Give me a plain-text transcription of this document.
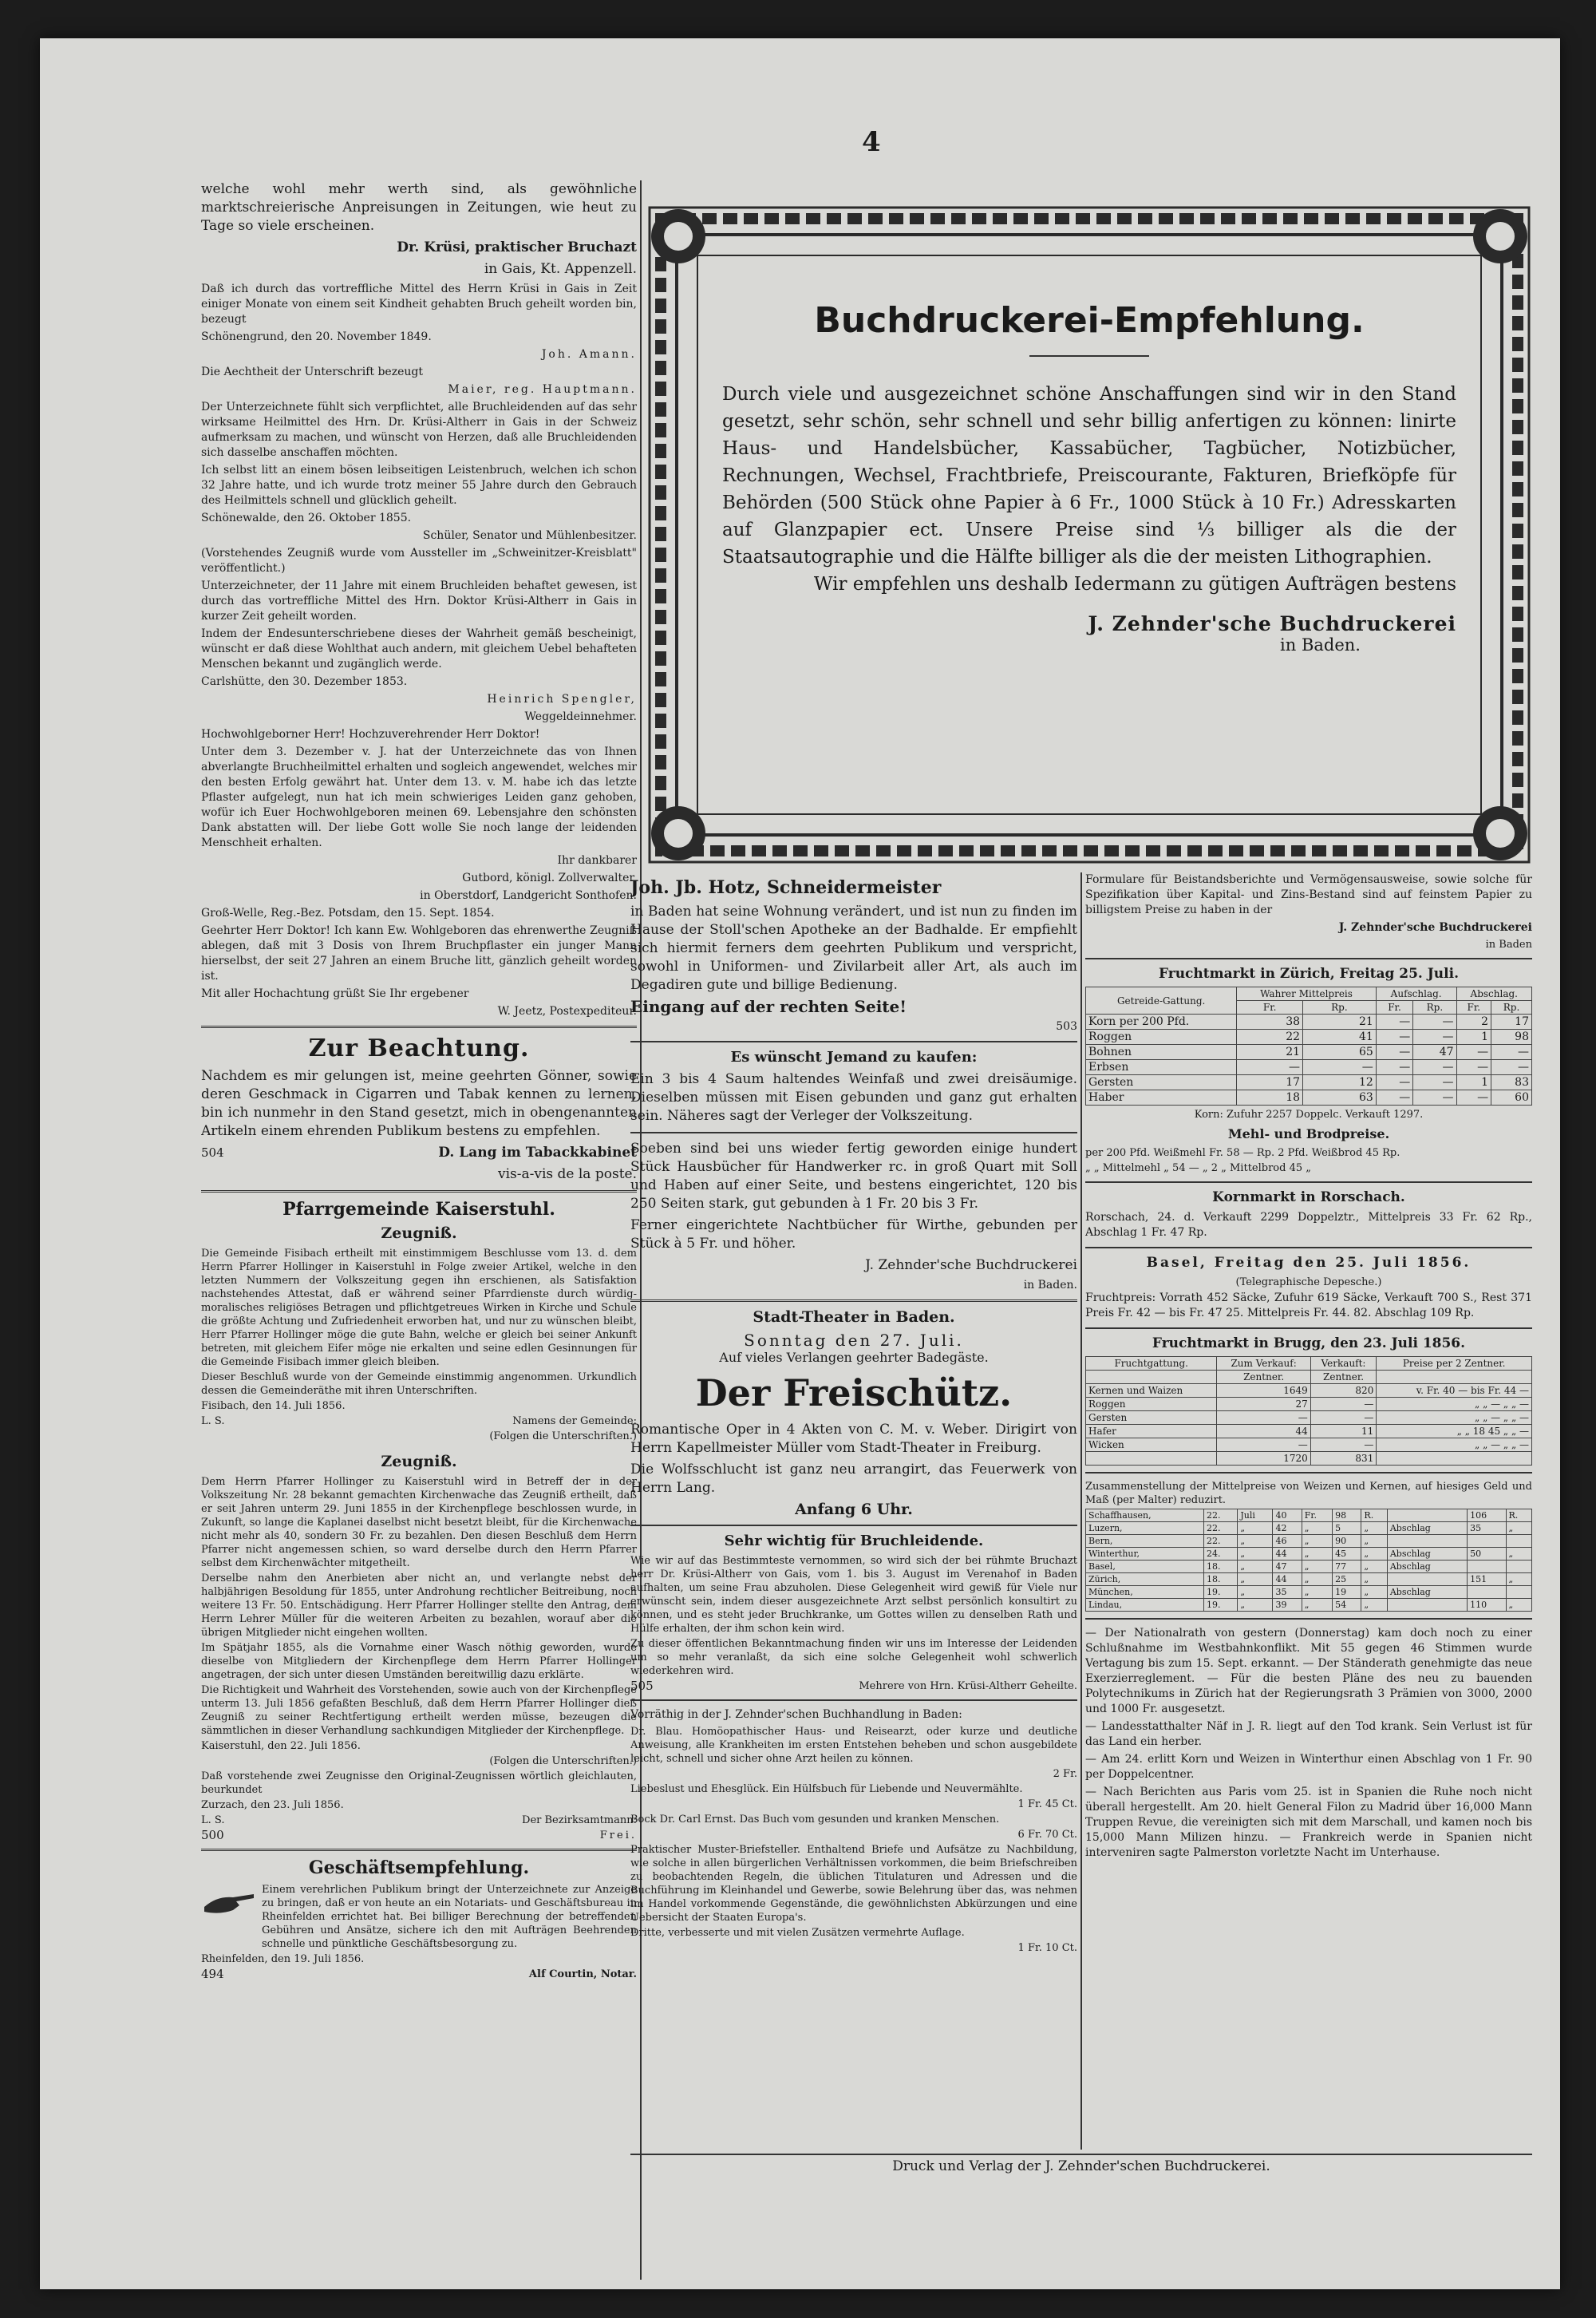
4

welche wohl mehr werth sind, als gewöhnliche marktschreierische Anpreisungen in Zeitungen, wie heut zu Tage so viele erscheinen.

Dr. Krüsi, praktischer Bruchazt
in Gais, Kt. Appenzell.

Daß ich durch das vortreffliche Mittel des Herrn Krüsi in Gais in Zeit einiger Monate von einem seit Kindheit gehabten Bruch geheilt worden bin, bezeugt

Schönengrund, den 20. November 1849.
Joh. Amann.
Die Aechtheit der Unterschrift bezeugt
Maier, reg. Hauptmann.

Der Unterzeichnete fühlt sich verpflichtet, alle Bruchleidenden auf das sehr wirksame Heilmittel des Hrn. Dr. Krüsi-Altherr in Gais in der Schweiz aufmerksam zu machen, und wünscht von Herzen, daß alle Bruchleidenden sich dasselbe anschaffen möchten.

Ich selbst litt an einem bösen leibseitigen Leistenbruch, welchen ich schon 32 Jahre hatte, und ich wurde trotz meiner 55 Jahre durch den Gebrauch des Heilmittels schnell und glücklich geheilt.

Schönewalde, den 26. Oktober 1855.
Schüler, Senator und Mühlenbesitzer.

(Vorstehendes Zeugniß wurde vom Aussteller im „Schweinitzer-Kreisblatt" veröffentlicht.)

Unterzeichneter, der 11 Jahre mit einem Bruchleiden behaftet gewesen, ist durch das vortreffliche Mittel des Hrn. Doktor Krüsi-Altherr in Gais in kurzer Zeit geheilt worden.

Indem der Endesunterschriebene dieses der Wahrheit gemäß bescheinigt, wünscht er daß diese Wohlthat auch andern, mit gleichem Uebel behafteten Menschen bekannt und zugänglich werde.

Carlshütte, den 30. Dezember 1853.
Heinrich Spengler,
Weggeldeinnehmer.
Hochwohlgeborner Herr! Hochzuverehrender Herr Doktor!

Unter dem 3. Dezember v. J. hat der Unterzeichnete das von Ihnen abverlangte Bruchheilmittel erhalten und sogleich angewendet, welches mir den besten Erfolg gewährt hat. Unter dem 13. v. M. habe ich das letzte Pflaster aufgelegt, nun hat ich mein schwieriges Leiden ganz gehoben, wofür ich Euer Hochwohlgeboren meinen 69. Lebensjahre den schönsten Dank abstatten will. Der liebe Gott wolle Sie noch lange der leidenden Menschheit erhalten.

Ihr dankbarer
Gutbord, königl. Zollverwalter,
in Oberstdorf, Landgericht Sonthofen.
Groß-Welle, Reg.-Bez. Potsdam, den 15. Sept. 1854.

Geehrter Herr Doktor! Ich kann Ew. Wohlgeboren das ehrenwerthe Zeugniß ablegen, daß mit 3 Dosis von Ihrem Bruchpflaster ein junger Mann hierselbst, der seit 27 Jahren an einem Bruche litt, gänzlich geheilt worden ist.

Mit aller Hochachtung grüßt Sie Ihr ergebener
W. Jeetz, Postexpediteur.
Zur Beachtung.

Nachdem es mir gelungen ist, meine geehrten Gönner, sowie deren Geschmack in Cigarren und Tabak kennen zu lernen, bin ich nunmehr in den Stand gesetzt, mich in obengenannten Artikeln einem ehrenden Publikum bestens zu empfehlen.

504	D. Lang im Tabackkabinet
vis-a-vis de la poste.
Pfarrgemeinde Kaiserstuhl.
Zeugniß.

Die Gemeinde Fisibach ertheilt mit einstimmigem Beschlusse vom 13. d. dem Herrn Pfarrer Hollinger in Kaiserstuhl in Folge zweier Artikel, welche in den letzten Nummern der Volkszeitung gegen ihn erschienen, als Satisfaktion nachstehendes Attestat, daß er während seiner Pfarrdienste durch würdig-moralisches religiöses Betragen und pflichtgetreues Wirken in Kirche und Schule die größte Achtung und Zufriedenheit erworben hat, und nur zu wünschen bleibt, Herr Pfarrer Hollinger möge die gute Bahn, welche er gleich bei seiner Ankunft betreten, mit gleichem Eifer möge nie erkalten und seine edlen Gesinnungen für die Gemeinde Fisibach immer gleich bleiben.

Dieser Beschluß wurde von der Gemeinde einstimmig angenommen. Urkundlich dessen die Gemeinderäthe mit ihren Unterschriften.

Fisibach, den 14. Juli 1856.
L. S.	Namens der Gemeinde:
(Folgen die Unterschriften.)
Zeugniß.

Dem Herrn Pfarrer Hollinger zu Kaiserstuhl wird in Betreff der in der Volkszeitung Nr. 28 bekannt gemachten Kirchenwache das Zeugniß ertheilt, daß er seit Jahren unterm 29. Juni 1855 in der Kirchenpflege beschlossen wurde, in Zukunft, so lange die Kaplanei daselbst nicht besetzt bleibt, für die Kirchenwache nicht mehr als 40, sondern 30 Fr. zu bezahlen. Den diesen Beschluß dem Herrn Pfarrer nicht angemessen schien, so ward derselbe durch den Herrn Pfarrer selbst dem Kirchenwächter mitgetheilt.

Derselbe nahm den Anerbieten aber nicht an, und verlangte nebst der halbjährigen Besoldung für 1855, unter Androhung rechtlicher Beitreibung, noch weitere 13 Fr. 50. Entschädigung. Herr Pfarrer Hollinger stellte den Antrag, dem Herrn Lehrer Müller für die weiteren Arbeiten zu bezahlen, worauf aber die übrigen Mitglieder nicht eingehen wollten.

Im Spätjahr 1855, als die Vornahme einer Wasch nöthig geworden, wurde dieselbe von Mitgliedern der Kirchenpflege dem Herrn Pfarrer Hollinger angetragen, der sich unter diesen Umständen bereitwillig dazu erklärte.

Die Richtigkeit und Wahrheit des Vorstehenden, sowie auch von der Kirchenpflege unterm 13. Juli 1856 gefaßten Beschluß, daß dem Herrn Pfarrer Hollinger dieß Zeugniß zu seiner Rechtfertigung ertheilt werden müsse, bezeugen die sämmtlichen in dieser Verhandlung sachkundigen Mitglieder der Kirchenpflege.

Kaiserstuhl, den 22. Juli 1856.
(Folgen die Unterschriften.)

Daß vorstehende zwei Zeugnisse den Original-Zeugnissen wörtlich gleichlauten, beurkundet

Zurzach, den 23. Juli 1856.
L. S.	Der Bezirksamtmann:
500	Frei.
Geschäftsempfehlung.

Einem verehrlichen Publikum bringt der Unterzeichnete zur Anzeige zu bringen, daß er von heute an ein Notariats- und Geschäftsbureau in Rheinfelden errichtet hat. Bei billiger Berechnung der betreffenden Gebühren und Ansätze, sichere ich den mit Aufträgen Beehrenden schnelle und pünktliche Geschäftsbesorgung zu.

Rheinfelden, den 19. Juli 1856.
494	Alf Courtin, Notar.
Buchdruckerei-Empfehlung.
Durch viele und ausgezeichnet schöne Anschaffungen sind wir in den Stand gesetzt, sehr schön, sehr schnell und sehr billig anfertigen zu können: linirte Haus- und Handelsbücher, Kassabücher, Tagbücher, Notizbücher, Rechnungen, Wechsel, Frachtbriefe, Preiscourante, Fakturen, Briefköpfe für Behörden (500 Stück ohne Papier à 6 Fr., 1000 Stück à 10 Fr.) Adresskarten auf Glanzpapier ect. Unsere Preise sind ⅓ billiger als die der Staatsautographie und die Hälfte billiger als die der meisten Lithographien.
Wir empfehlen uns deshalb Iedermann zu gütigen Aufträgen bestens
J. Zehnder'sche Buchdruckerei
in Baden.
Joh. Jb. Hotz, Schneidermeister

in Baden hat seine Wohnung verändert, und ist nun zu finden im Hause der Stoll'schen Apotheke an der Badhalde. Er empfiehlt sich hiermit ferners dem geehrten Publikum und verspricht, sowohl in Uniformen- und Zivilarbeit aller Art, als auch im Degadiren gute und billige Bedienung.

Eingang auf der rechten Seite!
503
Es wünscht Jemand zu kaufen:

Ein 3 bis 4 Saum haltendes Weinfaß und zwei dreisäumige. Dieselben müssen mit Eisen gebunden und ganz gut erhalten sein. Näheres sagt der Verleger der Volkszeitung.

Soeben sind bei uns wieder fertig geworden einige hundert Stück Hausbücher für Handwerker rc. in groß Quart mit Soll und Haben auf einer Seite, und bestens eingerichtet, 120 bis 250 Seiten stark, gut gebunden à 1 Fr. 20 bis 3 Fr.

Ferner eingerichtete Nachtbücher für Wirthe, gebunden per Stück à 5 Fr. und höher.

J. Zehnder'sche Buchdruckerei
in Baden.
Stadt-Theater in Baden.
Sonntag den 27. Juli.
Auf vieles Verlangen geehrter Badegäste.
Der Freischütz.

Romantische Oper in 4 Akten von C. M. v. Weber. Dirigirt von Herrn Kapellmeister Müller vom Stadt-Theater in Freiburg.

Die Wolfsschlucht ist ganz neu arrangirt, das Feuerwerk von Herrn Lang.

Anfang 6 Uhr.
Sehr wichtig für Bruchleidende.

Wie wir auf das Bestimmteste vernommen, so wird sich der bei rühmte Bruchazt herr Dr. Krüsi-Altherr von Gais, vom 1. bis 3. August im Verenahof in Baden aufhalten, um seine Frau abzuholen. Diese Gelegenheit wird gewiß für Viele nur erwünscht sein, indem dieser ausgezeichnete Arzt selbst persönlich konsultirt zu können, und es steht jeder Bruchkranke, um Gottes willen zu denselben Rath und Hülfe erhalten, der ihm schon kein wird.

Zu dieser öffentlichen Bekanntmachung finden wir uns im Interesse der Leidenden um so mehr veranlaßt, da sich eine solche Gelegenheit wohl schwerlich wiederkehren wird.

505	Mehrere von Hrn. Krüsi-Altherr Geheilte.
Vorräthig in der J. Zehnder'schen Buchhandlung in Baden:

Dr. Blau. Homöopathischer Haus- und Reisearzt, oder kurze und deutliche Anweisung, alle Krankheiten im ersten Entstehen beheben und schon ausgebildete leicht, schnell und sicher ohne Arzt heilen zu können.

2 Fr.

Liebeslust und Ehesglück. Ein Hülfsbuch für Liebende und Neuvermählte.

1 Fr. 45 Ct.

Bock Dr. Carl Ernst. Das Buch vom gesunden und kranken Menschen.

6 Fr. 70 Ct.

Praktischer Muster-Briefsteller. Enthaltend Briefe und Aufsätze zu Nachbildung, wie solche in allen bürgerlichen Verhältnissen vorkommen, die beim Briefschreiben zu beobachtenden Regeln, die üblichen Titulaturen und Adressen und die Buchführung im Kleinhandel und Gewerbe, sowie Belehrung über das, was nehmen im Handel vorkommende Gegenstände, die gewöhnlichsten Abkürzungen und eine Uebersicht der Staaten Europa's.

Dritte, verbesserte und mit vielen Zusätzen vermehrte Auflage.
1 Fr. 10 Ct.

Formulare für Beistandsberichte und Vermögensausweise, sowie solche für Spezifikation über Kapital- und Zins-Bestand sind auf feinstem Papier zu billigstem Preise zu haben in der

J. Zehnder'sche Buchdruckerei
in Baden
Fruchtmarkt in Zürich, Freitag 25. Juli.
Getreide-Gattung.	Wahrer Mittelpreis		Aufschlag.		Abschlag.	
	Fr.	Rp.	Fr.	Rp.	Fr.	Rp.
Korn per 200 Pfd.	38	21	—	—	2	17
Roggen	22	41	—	—	1	98
Bohnen	21	65	—	47	—	—
Erbsen	—	—	—	—	—	—
Gersten	17	12	—	—	1	83
Haber	18	63	—	—	—	60
Korn: Zufuhr 2257 Doppelc. Verkauft 1297.
Mehl- und Brodpreise.
per 200 Pfd. Weißmehl Fr. 58 — Rp. 2 Pfd. Weißbrod 45 Rp.
„ „ Mittelmehl „ 54 — „ 2 „ Mittelbrod 45 „
Kornmarkt in Rorschach.

Rorschach, 24. d. Verkauft 2299 Doppelztr., Mittelpreis 33 Fr. 62 Rp., Abschlag 1 Fr. 47 Rp.

Basel, Freitag den 25. Juli 1856.
(Telegraphische Depesche.)

Fruchtpreis: Vorrath 452 Säcke, Zufuhr 619 Säcke, Verkauft 700 S., Rest 371 Preis Fr. 42 — bis Fr. 47 25. Mittelpreis Fr. 44. 82. Abschlag 109 Rp.

Fruchtmarkt in Brugg, den 23. Juli 1856.
Fruchtgattung.	Zum Verkauf:	Verkauft:	Preise per 2 Zentner.
	Zentner.	Zentner.	
Kernen und Waizen	1649	820	v. Fr. 40 — bis Fr. 44 —
Roggen	27	—	„ „ — „ „ —
Gersten	—	—	„ „ — „ „ —
Hafer	44	11	„ „ 18 45 „ „ —
Wicken	—	—	„ „ — „ „ —
	1720	831	
Zusammenstellung der Mittelpreise von Weizen und Kernen, auf hiesiges Geld und Maß (per Malter) reduzirt.
Schaffhausen,	22.	Juli	40	Fr.	98	R.		106	R.
Luzern,	22.	„	42	„	5	„	Abschlag	35	„
Bern,	22.	„	46	„	90	„			
Winterthur,	24.	„	44	„	45	„	Abschlag	50	„
Basel,	18.	„	47	„	77	„	Abschlag		
Zürich,	18.	„	44	„	25	„		151	„
München,	19.	„	35	„	19	„	Abschlag		
Lindau,	19.	„	39	„	54	„		110	„

— Der Nationalrath von gestern (Donnerstag) kam doch noch zu einer Schlußnahme im Westbahnkonflikt. Mit 55 gegen 46 Stimmen wurde Vertagung bis zum 15. Sept. erkannt. — Der Ständerath genehmigte das neue Exerzierreglement. — Für die besten Pläne des neu zu bauenden Polytechnikums in Zürich hat der Regierungsrath 3 Prämien von 3000, 2000 und 1000 Fr. ausgesetzt.

— Landesstatthalter Näf in J. R. liegt auf den Tod krank. Sein Verlust ist für das Land ein herber.

— Am 24. erlitt Korn und Weizen in Winterthur einen Abschlag von 1 Fr. 90 per Doppelcentner.

— Nach Berichten aus Paris vom 25. ist in Spanien die Ruhe noch nicht überall hergestellt. Am 20. hielt General Filon zu Madrid über 16,000 Mann Truppen Revue, die vereinigten sich mit dem Marschall, und kamen noch bis 15,000 Mann Milizen hinzu. — Frankreich werde in Spanien nicht interveniren sagte Palmerston vorletzte Nacht im Unterhause.

Druck und Verlag der J. Zehnder'schen Buchdruckerei.
